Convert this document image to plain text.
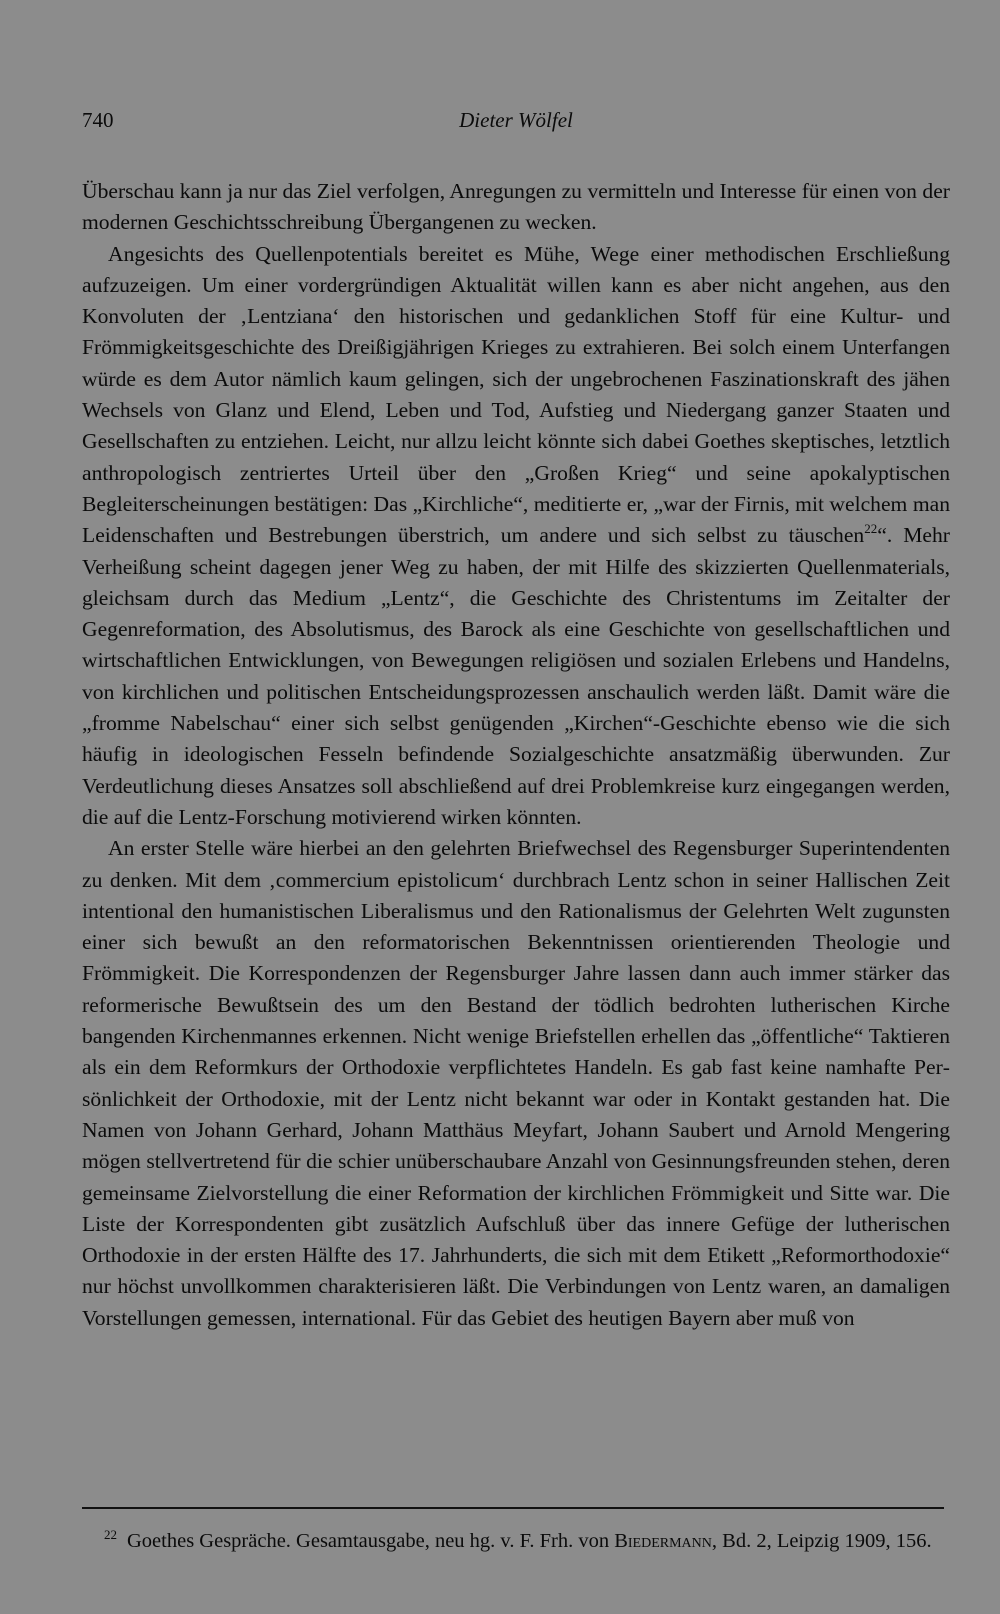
740	Dieter Wölfel

Überschau kann ja nur das Ziel verfolgen, Anregungen zu vermitteln und Interesse für einen von der modernen Geschichtsschreibung Übergangenen zu wecken.

Angesichts des Quellenpotentials bereitet es Mühe, Wege einer methodischen Erschließung aufzuzeigen. Um einer vordergründigen Aktualität willen kann es aber nicht angehen, aus den Konvoluten der ‚Lentziana‘ den historischen und gedanklichen Stoff für eine Kultur- und Frömmigkeitsgeschichte des Dreißigjährigen Krieges zu extrahieren. Bei solch einem Unterfangen würde es dem Autor nämlich kaum gelingen, sich der ungebrochenen Faszinationskraft des jähen Wechsels von Glanz und Elend, Leben und Tod, Aufstieg und Niedergang ganzer Staaten und Gesellschaften zu entziehen. Leicht, nur allzu leicht könnte sich dabei Goethes skeptisches, letztlich anthropologisch zentriertes Urteil über den „Großen Krieg“ und seine apokalyptischen Begleiterscheinungen bestätigen: Das „Kirchliche“, meditierte er, „war der Firnis, mit welchem man Leidenschaften und Bestrebungen überstrich, um andere und sich selbst zu täuschen$^{22}$“. Mehr Verheißung scheint dagegen jener Weg zu haben, der mit Hilfe des skizzierten Quellenmaterials, gleichsam durch das Medium „Lentz“, die Geschichte des Christentums im Zeitalter der Gegenreformation, des Absolutismus, des Barock als eine Geschichte von gesellschaftlichen und wirtschaftlichen Entwicklungen, von Bewegungen religiösen und sozialen Erlebens und Handelns, von kirchlichen und politischen Entscheidungsprozessen anschaulich werden läßt. Damit wäre die „fromme Nabelschau“ einer sich selbst genügenden „Kirchen“-Geschichte ebenso wie die sich häufig in ideologischen Fesseln befindende Sozialgeschichte ansatzmäßig überwunden. Zur Verdeutlichung dieses Ansatzes soll abschließend auf drei Problemkreise kurz eingegangen werden, die auf die Lentz-Forschung motivierend wirken könnten.

An erster Stelle wäre hierbei an den gelehrten Briefwechsel des Regensburger Superintendenten zu denken. Mit dem ‚commercium epistolicum‘ durchbrach Lentz schon in seiner Hallischen Zeit intentional den humanistischen Liberalismus und den Rationalismus der Gelehrten Welt zugunsten einer sich bewußt an den reformatorischen Bekenntnissen orientierenden Theologie und Frömmigkeit. Die Korrespondenzen der Regensburger Jahre lassen dann auch immer stärker das reformerische Bewußtsein des um den Bestand der tödlich bedrohten lutherischen Kirche bangenden Kirchenmannes erkennen. Nicht wenige Briefstellen erhellen das „öffentliche“ Taktieren als ein dem Reformkurs der Orthodoxie verpflichtetes Handeln. Es gab fast keine namhafte Persönlichkeit der Orthodoxie, mit der Lentz nicht bekannt war oder in Kontakt gestanden hat. Die Namen von Johann Gerhard, Johann Matthäus Meyfart, Johann Saubert und Arnold Mengering mögen stellvertretend für die schier unüberschaubare Anzahl von Gesinnungsfreunden stehen, deren gemeinsame Zielvorstellung die einer Reformation der kirchlichen Frömmigkeit und Sitte war. Die Liste der Korrespondenten gibt zusätzlich Aufschluß über das innere Gefüge der lutherischen Orthodoxie in der ersten Hälfte des 17. Jahrhunderts, die sich mit dem Etikett „Reformorthodoxie“ nur höchst unvollkommen charakterisieren läßt. Die Verbindungen von Lentz waren, an damaligen Vorstellungen gemessen, international. Für das Gebiet des heutigen Bayern aber muß von

$^{22}$ Goethes Gespräche. Gesamtausgabe, neu hg. v. F. Frh. von Biedermann, Bd. 2, Leipzig 1909, 156.
